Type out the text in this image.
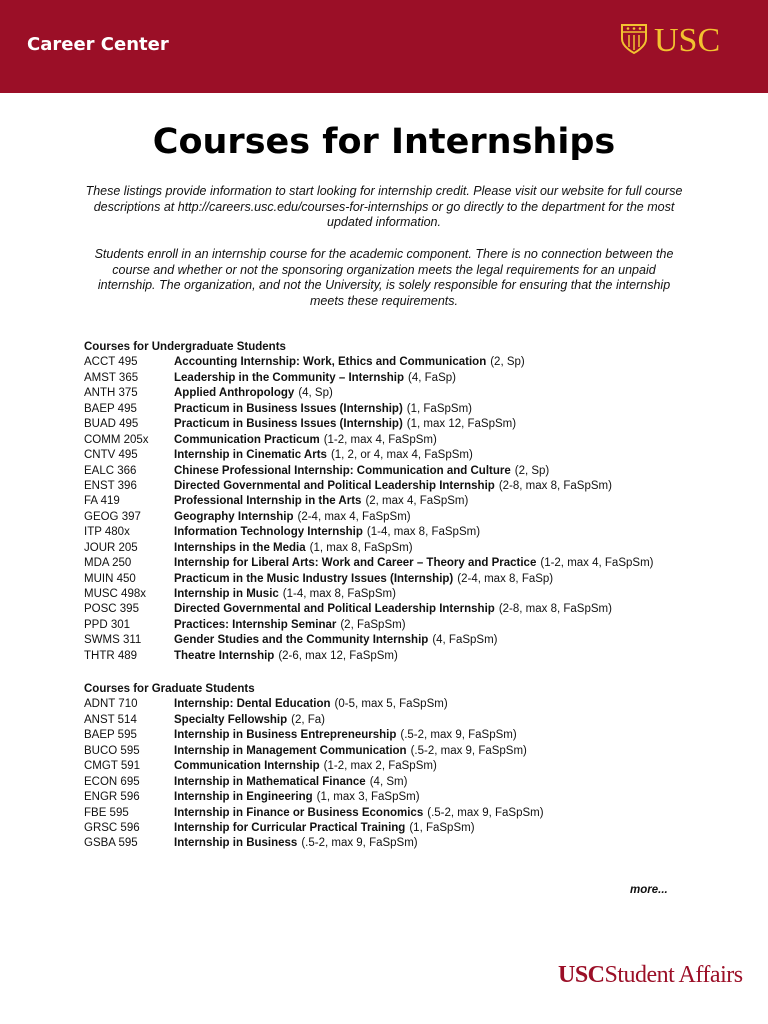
Career Center	USC
Courses for Internships

These listings provide information to start looking for internship credit. Please visit our website for full course descriptions at http://careers.usc.edu/courses-for-internships or go directly to the department for the most updated information.

Students enroll in an internship course for the academic component. There is no connection between the course and whether or not the sponsoring organization meets the legal requirements for an unpaid internship. The organization, and not the University, is solely responsible for ensuring that the internship meets these requirements.

Courses for Undergraduate Students
ACCT 495	Accounting Internship: Work, Ethics and Communication (2, Sp)
AMST 365	Leadership in the Community – Internship (4, FaSp)
ANTH 375	Applied Anthropology (4, Sp)
BAEP 495	Practicum in Business Issues (Internship) (1, FaSpSm)
BUAD 495	Practicum in Business Issues (Internship) (1, max 12, FaSpSm)
COMM 205x	Communication Practicum (1-2, max 4, FaSpSm)
CNTV 495	Internship in Cinematic Arts (1, 2, or 4, max 4, FaSpSm)
EALC 366	Chinese Professional Internship: Communication and Culture (2, Sp)
ENST 396	Directed Governmental and Political Leadership Internship (2-8, max 8, FaSpSm)
FA 419	Professional Internship in the Arts (2, max 4, FaSpSm)
GEOG 397	Geography Internship (2-4, max 4, FaSpSm)
ITP 480x	Information Technology Internship (1-4, max 8, FaSpSm)
JOUR 205	Internships in the Media (1, max 8, FaSpSm)
MDA 250	Internship for Liberal Arts: Work and Career – Theory and Practice (1-2, max 4, FaSpSm)
MUIN 450	Practicum in the Music Industry Issues (Internship) (2-4, max 8, FaSp)
MUSC 498x	Internship in Music (1-4, max 8, FaSpSm)
POSC 395	Directed Governmental and Political Leadership Internship (2-8, max 8, FaSpSm)
PPD 301	Practices: Internship Seminar (2, FaSpSm)
SWMS 311	Gender Studies and the Community Internship (4, FaSpSm)
THTR 489	Theatre Internship (2-6, max 12, FaSpSm)
Courses for Graduate Students
ADNT 710	Internship: Dental Education (0-5, max 5, FaSpSm)
ANST 514	Specialty Fellowship (2, Fa)
BAEP 595	Internship in Business Entrepreneurship (.5-2, max 9, FaSpSm)
BUCO 595	Internship in Management Communication (.5-2, max 9, FaSpSm)
CMGT 591	Communication Internship (1-2, max 2, FaSpSm)
ECON 695	Internship in Mathematical Finance (4, Sm)
ENGR 596	Internship in Engineering (1, max 3, FaSpSm)
FBE 595	Internship in Finance or Business Economics (.5-2, max 9, FaSpSm)
GRSC 596	Internship for Curricular Practical Training (1, FaSpSm)
GSBA 595	Internship in Business (.5-2, max 9, FaSpSm)
more...
USC Student Affairs
